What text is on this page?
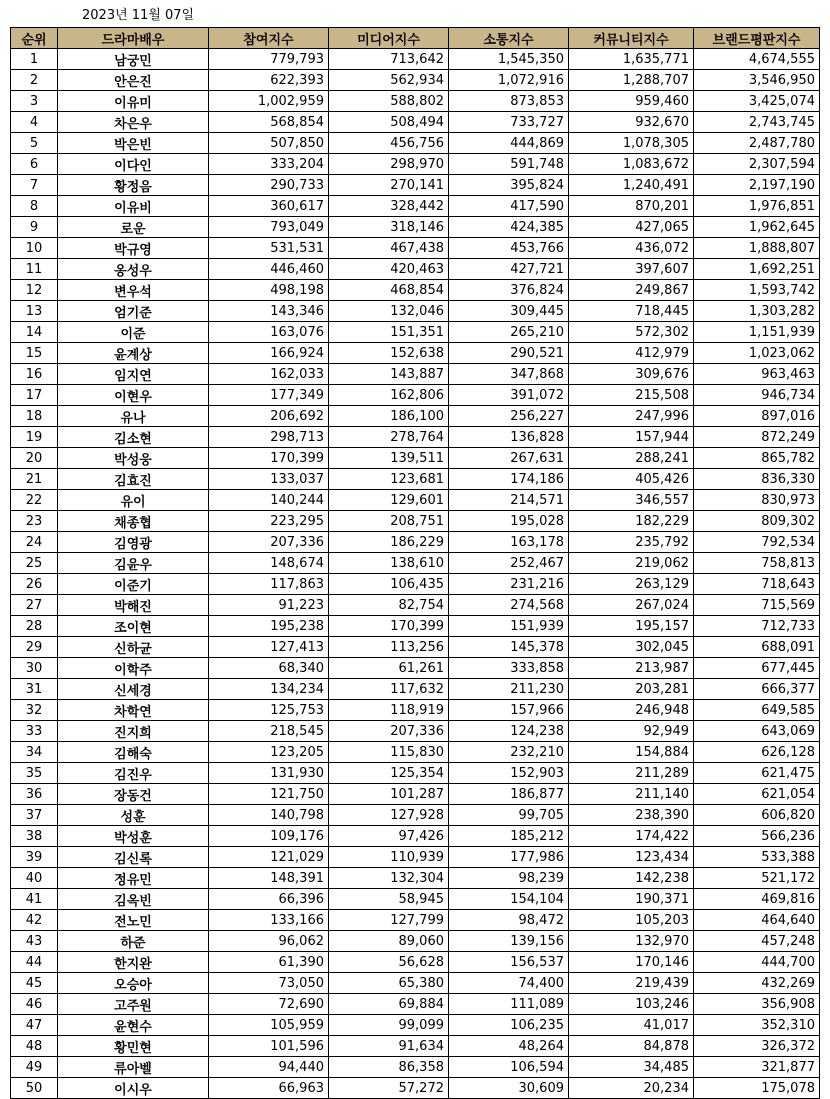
2023년 11월 07일
순위	드라마배우	참여지수	미디어지수	소통지수	커뮤니티지수	브랜드평판지수
1	남궁민	779,793	713,642	1,545,350	1,635,771	4,674,555
2	안은진	622,393	562,934	1,072,916	1,288,707	3,546,950
3	이유미	1,002,959	588,802	873,853	959,460	3,425,074
4	차은우	568,854	508,494	733,727	932,670	2,743,745
5	박은빈	507,850	456,756	444,869	1,078,305	2,487,780
6	이다인	333,204	298,970	591,748	1,083,672	2,307,594
7	황정음	290,733	270,141	395,824	1,240,491	2,197,190
8	이유비	360,617	328,442	417,590	870,201	1,976,851
9	로운	793,049	318,146	424,385	427,065	1,962,645
10	박규영	531,531	467,438	453,766	436,072	1,888,807
11	옹성우	446,460	420,463	427,721	397,607	1,692,251
12	변우석	498,198	468,854	376,824	249,867	1,593,742
13	엄기준	143,346	132,046	309,445	718,445	1,303,282
14	이준	163,076	151,351	265,210	572,302	1,151,939
15	윤계상	166,924	152,638	290,521	412,979	1,023,062
16	임지연	162,033	143,887	347,868	309,676	963,463
17	이현우	177,349	162,806	391,072	215,508	946,734
18	유나	206,692	186,100	256,227	247,996	897,016
19	김소현	298,713	278,764	136,828	157,944	872,249
20	박성웅	170,399	139,511	267,631	288,241	865,782
21	김효진	133,037	123,681	174,186	405,426	836,330
22	유이	140,244	129,601	214,571	346,557	830,973
23	채종협	223,295	208,751	195,028	182,229	809,302
24	김영광	207,336	186,229	163,178	235,792	792,534
25	김윤우	148,674	138,610	252,467	219,062	758,813
26	이준기	117,863	106,435	231,216	263,129	718,643
27	박해진	91,223	82,754	274,568	267,024	715,569
28	조이현	195,238	170,399	151,939	195,157	712,733
29	신하균	127,413	113,256	145,378	302,045	688,091
30	이학주	68,340	61,261	333,858	213,987	677,445
31	신세경	134,234	117,632	211,230	203,281	666,377
32	차학연	125,753	118,919	157,966	246,948	649,585
33	진지희	218,545	207,336	124,238	92,949	643,069
34	김해숙	123,205	115,830	232,210	154,884	626,128
35	김진우	131,930	125,354	152,903	211,289	621,475
36	장동건	121,750	101,287	186,877	211,140	621,054
37	성훈	140,798	127,928	99,705	238,390	606,820
38	박성훈	109,176	97,426	185,212	174,422	566,236
39	김신록	121,029	110,939	177,986	123,434	533,388
40	정유민	148,391	132,304	98,239	142,238	521,172
41	김옥빈	66,396	58,945	154,104	190,371	469,816
42	전노민	133,166	127,799	98,472	105,203	464,640
43	하준	96,062	89,060	139,156	132,970	457,248
44	한지완	61,390	56,628	156,537	170,146	444,700
45	오승아	73,050	65,380	74,400	219,439	432,269
46	고주원	72,690	69,884	111,089	103,246	356,908
47	윤현수	105,959	99,099	106,235	41,017	352,310
48	황민현	101,596	91,634	48,264	84,878	326,372
49	류아벨	94,440	86,358	106,594	34,485	321,877
50	이시우	66,963	57,272	30,609	20,234	175,078
